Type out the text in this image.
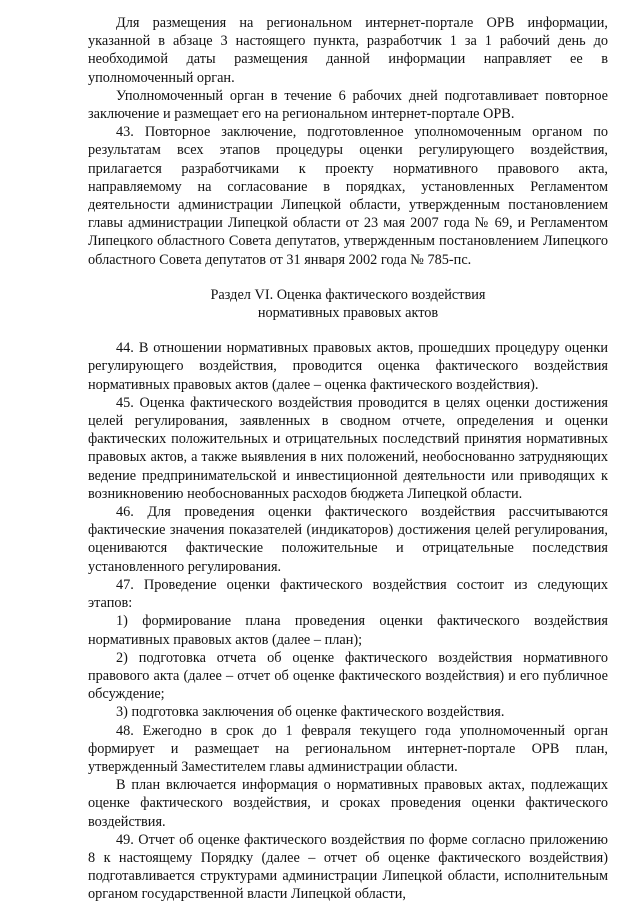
Для размещения на региональном интернет-портале ОРВ информации, указанной в абзаце 3 настоящего пункта, разработчик 1 за 1 рабочий день до необходимой даты размещения данной информации направляет ее в уполномоченный орган.

Уполномоченный орган в течение 6 рабочих дней подготавливает повторное заключение и размещает его на региональном интернет-портале ОРВ.

43. Повторное заключение, подготовленное уполномоченным органом по результатам всех этапов процедуры оценки регулирующего воздействия, прилагается разработчиками к проекту нормативного правового акта, направляемому на согласование в порядках, установленных Регламентом деятельности администрации Липецкой области, утвержденным постановлением главы администрации Липецкой области от 23 мая 2007 года № 69, и Регламентом Липецкого областного Совета депутатов, утвержденным постановлением Липецкого областного Совета депутатов от 31 января 2002 года № 785-пс.

Раздел VI. Оценка фактического воздействия
нормативных правовых актов

44. В отношении нормативных правовых актов, прошедших процедуру оценки регулирующего воздействия, проводится оценка фактического воздействия нормативных правовых актов (далее – оценка фактического воздействия).

45. Оценка фактического воздействия проводится в целях оценки достижения целей регулирования, заявленных в сводном отчете, определения и оценки фактических положительных и отрицательных последствий принятия нормативных правовых актов, а также выявления в них положений, необоснованно затрудняющих ведение предпринимательской и инвестиционной деятельности или приводящих к возникновению необоснованных расходов бюджета Липецкой области.

46. Для проведения оценки фактического воздействия рассчитываются фактические значения показателей (индикаторов) достижения целей регулирования, оцениваются фактические положительные и отрицательные последствия установленного регулирования.

47. Проведение оценки фактического воздействия состоит из следующих этапов:

1) формирование плана проведения оценки фактического воздействия нормативных правовых актов (далее – план);

2) подготовка отчета об оценке фактического воздействия нормативного правового акта (далее – отчет об оценке фактического воздействия) и его публичное обсуждение;

3) подготовка заключения об оценке фактического воздействия.

48. Ежегодно в срок до 1 февраля текущего года уполномоченный орган формирует и размещает на региональном интернет-портале ОРВ план, утвержденный Заместителем главы администрации области.

В план включается информация о нормативных правовых актах, подлежащих оценке фактического воздействия, и сроках проведения оценки фактического воздействия.

49. Отчет об оценке фактического воздействия по форме согласно приложению 8 к настоящему Порядку (далее – отчет об оценке фактического воздействия) подготавливается структурами администрации Липецкой области, исполнительным органом государственной власти Липецкой области,
